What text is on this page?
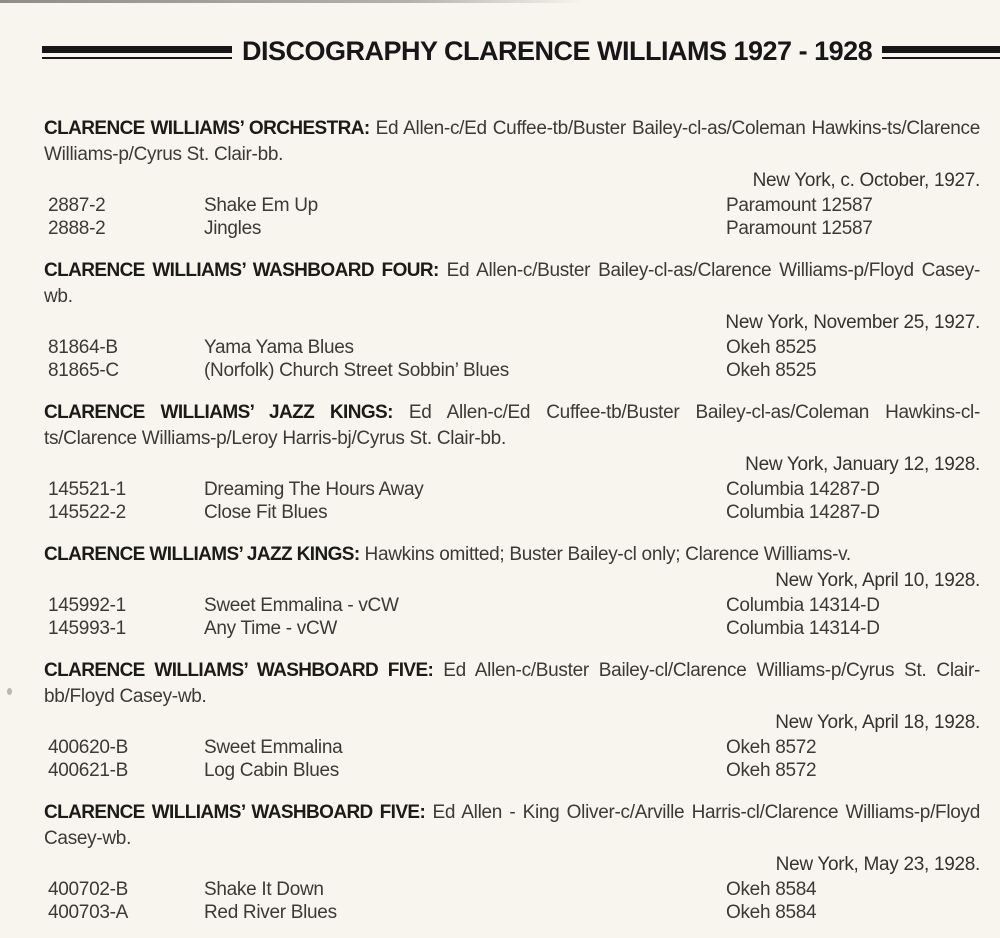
DISCOGRAPHY CLARENCE WILLIAMS 1927 - 1928

CLARENCE WILLIAMS’ ORCHESTRA: Ed Allen-c/Ed Cuffee-tb/Buster Bailey-cl-as/Coleman Hawkins-ts/Clarence Williams-p/Cyrus St. Clair-bb.

New York, c. October, 1927.

2887-2	Shake Em Up	Paramount 12587
2888-2	Jingles	Paramount 12587

CLARENCE WILLIAMS’ WASHBOARD FOUR: Ed Allen-c/Buster Bailey-cl-as/Clarence Williams-p/Floyd Casey-wb.

New York, November 25, 1927.

81864-B	Yama Yama Blues	Okeh 8525
81865-C	(Norfolk) Church Street Sobbin’ Blues	Okeh 8525

CLARENCE WILLIAMS’ JAZZ KINGS: Ed Allen-c/Ed Cuffee-tb/Buster Bailey-cl-as/Coleman Hawkins-cl-ts/Clarence Williams-p/Leroy Harris-bj/Cyrus St. Clair-bb.

New York, January 12, 1928.

145521-1	Dreaming The Hours Away	Columbia 14287-D
145522-2	Close Fit Blues	Columbia 14287-D

CLARENCE WILLIAMS’ JAZZ KINGS: Hawkins omitted; Buster Bailey-cl only; Clarence Williams-v.

New York, April 10, 1928.

145992-1	Sweet Emmalina - vCW	Columbia 14314-D
145993-1	Any Time - vCW	Columbia 14314-D

CLARENCE WILLIAMS’ WASHBOARD FIVE: Ed Allen-c/Buster Bailey-cl/Clarence Williams-p/Cyrus St. Clair-bb/Floyd Casey-wb.

New York, April 18, 1928.

400620-B	Sweet Emmalina	Okeh 8572
400621-B	Log Cabin Blues	Okeh 8572

CLARENCE WILLIAMS’ WASHBOARD FIVE: Ed Allen - King Oliver-c/Arville Harris-cl/Clarence Williams-p/Floyd Casey-wb.

New York, May 23, 1928.

400702-B	Shake It Down	Okeh 8584
400703-A	Red River Blues	Okeh 8584
